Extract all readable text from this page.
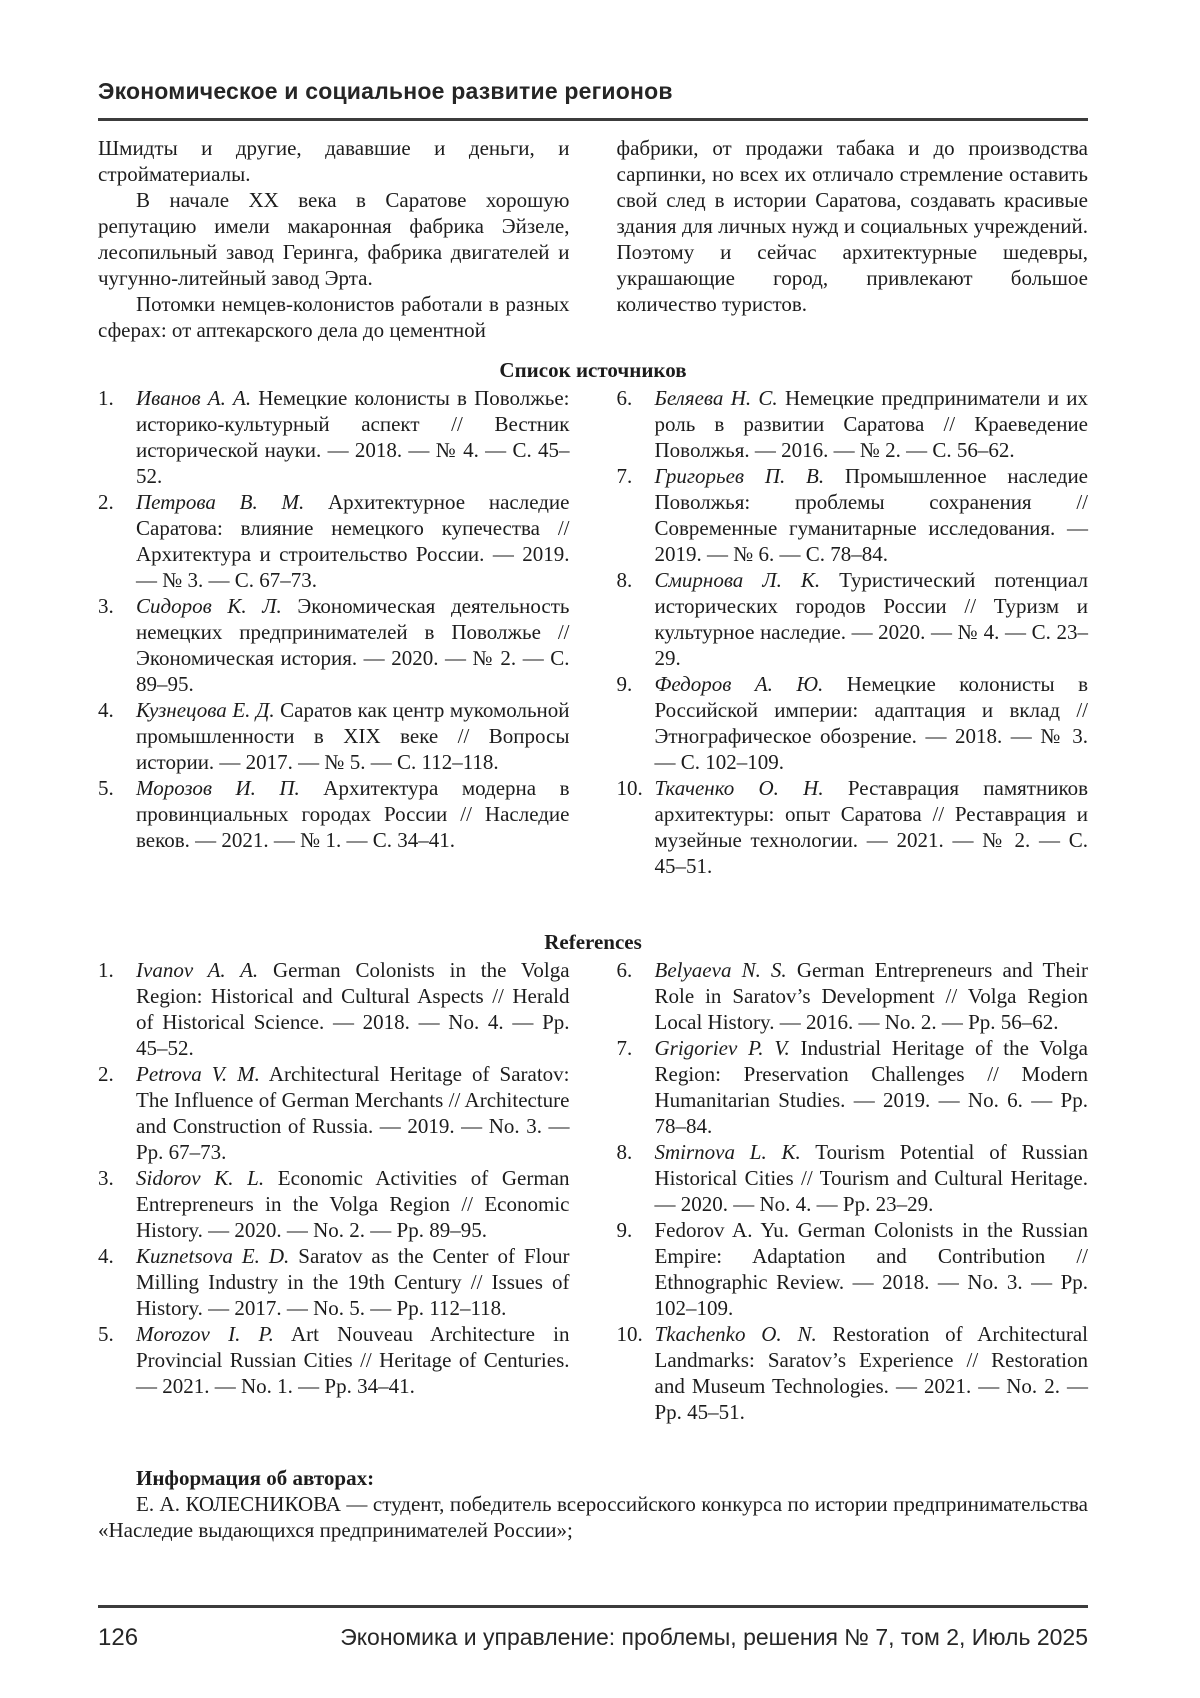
Экономическое и социальное развитие регионов

Шмидты и другие, дававшие и деньги, и стройматериалы.

В начале XX века в Саратове хорошую репутацию имели макаронная фабрика Эйзеле, лесопильный завод Геринга, фабрика двигателей и чугунно-литейный завод Эрта.

Потомки немцев-колонистов работали в разных сферах: от аптекарского дела до цементной

фабрики, от продажи табака и до производства сарпинки, но всех их отличало стремление оставить свой след в истории Саратова, создавать красивые здания для личных нужд и социальных учреждений. Поэтому и сейчас архитектурные шедевры, украшающие город, привлекают большое количество туристов.

Список источников
1.	Иванов А. А. Немецкие колонисты в Поволжье: историко-культурный аспект // Вестник исторической науки. — 2018. — № 4. — С. 45–52.
2.	Петрова В. М. Архитектурное наследие Саратова: влияние немецкого купечества // Архитектура и строительство России. — 2019. — № 3. — С. 67–73.
3.	Сидоров К. Л. Экономическая деятельность немецких предпринимателей в Поволжье // Экономическая история. — 2020. — № 2. — С. 89–95.
4.	Кузнецова Е. Д. Саратов как центр мукомольной промышленности в XIX веке // Вопросы истории. — 2017. — № 5. — С. 112–118.
5.	Морозов И. П. Архитектура модерна в провинциальных городах России // Наследие веков. — 2021. — № 1. — С. 34–41.
6.	Беляева Н. С. Немецкие предприниматели и их роль в развитии Саратова // Краеведение Поволжья. — 2016. — № 2. — С. 56–62.
7.	Григорьев П. В. Промышленное наследие Поволжья: проблемы сохранения // Современные гуманитарные исследования. — 2019. — № 6. — С. 78–84.
8.	Смирнова Л. К. Туристический потенциал исторических городов России // Туризм и культурное наследие. — 2020. — № 4. — С. 23–29.
9.	Федоров А. Ю. Немецкие колонисты в Российской империи: адаптация и вклад // Этнографическое обозрение. — 2018. — № 3. — С. 102–109.
10. Ткаченко О. Н. Реставрация памятников архитектуры: опыт Саратова // Реставрация и музейные технологии. — 2021. — № 2. — С. 45–51.
References
1.	Ivanov A. A. German Colonists in the Volga Region: Historical and Cultural Aspects // Herald of Historical Science. — 2018. — No. 4. — Pp. 45–52.
2.	Petrova V. M. Architectural Heritage of Saratov: The Influence of German Merchants // Architecture and Construction of Russia. — 2019. — No. 3. — Pp. 67–73.
3.	Sidorov K. L. Economic Activities of German Entrepreneurs in the Volga Region // Economic History. — 2020. — No. 2. — Pp. 89–95.
4.	Kuznetsova E. D. Saratov as the Center of Flour Milling Industry in the 19th Century // Issues of History. — 2017. — No. 5. — Pp. 112–118.
5.	Morozov I. P. Art Nouveau Architecture in Provincial Russian Cities // Heritage of Centuries. — 2021. — No. 1. — Pp. 34–41.
6.	Belyaeva N. S. German Entrepreneurs and Their Role in Saratov’s Development // Volga Region Local History. — 2016. — No. 2. — Pp. 56–62.
7.	Grigoriev P. V. Industrial Heritage of the Volga Region: Preservation Challenges // Modern Humanitarian Studies. — 2019. — No. 6. — Pp. 78–84.
8.	Smirnova L. K. Tourism Potential of Russian Historical Cities // Tourism and Cultural Heritage. — 2020. — No. 4. — Pp. 23–29.
9.	Fedorov A. Yu. German Colonists in the Russian Empire: Adaptation and Contribution // Ethnographic Review. — 2018. — No. 3. — Pp. 102–109.
10. Tkachenko O. N. Restoration of Architectural Landmarks: Saratov’s Experience // Restoration and Museum Technologies. — 2021. — No. 2. — Pp. 45–51.

Информация об авторах:

Е. А. КОЛЕСНИКОВА — студент, победитель всероссийского конкурса по истории предпринимательства «Наследие выдающихся предпринимателей России»;

126	Экономика и управление: проблемы, решения № 7, том 2, Июль 2025
